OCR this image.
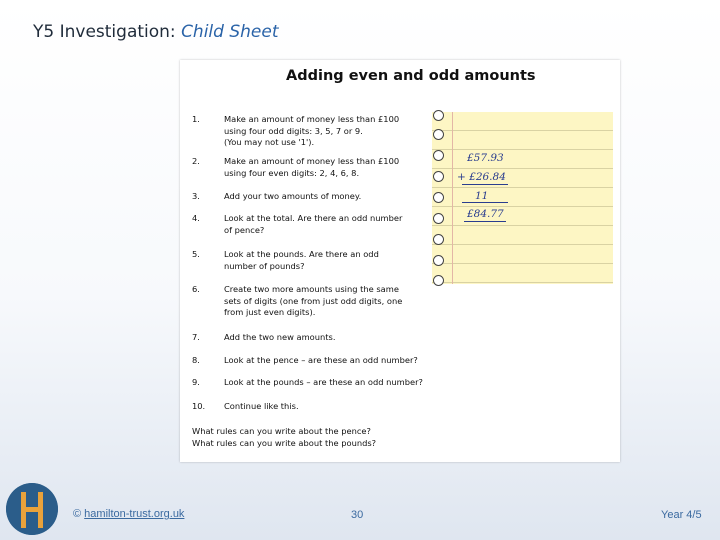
Y5 Investigation: Child Sheet
Adding even and odd amounts
£57.93
+ £26.84
11
£84.77
1.	Make an amount of money less than £100
using four odd digits: 3, 5, 7 or 9.
(You may not use '1').
2.	Make an amount of money less than £100
using four even digits: 2, 4, 6, 8.
3.	Add your two amounts of money.
4.	Look at the total. Are there an odd number
of pence?
5.	Look at the pounds. Are there an odd
number of pounds?
6.	Create two more amounts using the same
sets of digits (one from just odd digits, one
from just even digits).
7.	Add the two new amounts.
8.	Look at the pence – are these an odd number?
9.	Look at the pounds – are these an odd number?
10.	Continue like this.
What rules can you write about the pence?
What rules can you write about the pounds?
© hamilton-trust.org.uk	30	Year 4/5
